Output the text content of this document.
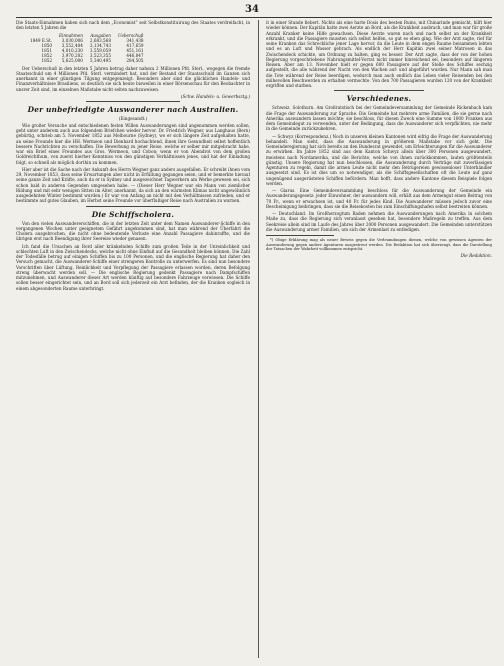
34

Die Staats-Einnahmen haben sich nach dem „Economist“ seit Selbstkonstituirung des Staates verdreifacht, in den letzten 5 Jahren die

	Einnahmen	Ausgaben	Ueberschuß
1849 E.St.	3,030,006	2,683,568	341,438
1850	3,552,404	3,134,743	417,659
1851	4,010,230	3,559,059	451,161
1852	3,970,202	3,523,355	446,847
1852	5,625,000	5,340,495	284,505

Der Ueberschuß in den letzten 5 Jahren betrug daher nahezu 2 Millionen Pfd. Sterl., wogegen die fremde Staatsschuld um 4 Millionen Pfd. Sterl. vermindert hat, und der Bestand der Staatsschuld im Ganzen sich anerkannt in einer günstigen Tilgung entgegenzeigt. Besonders aber sind die glücklichen Handels- und Finanzverhältnisse Brasiliens, so deutlich sie sich heute bisweilen in einer Börsenschau für den Beobachter in unsrer Zeit sind, im einzelnen Maßstabe nicht selten nachzuweisen.

(Schw. Handels- u. Gewerbsztg.)
Der unbefriedigte Auswanderer nach Australien.
(Eingesandt.)

Wie großer Versuche und entschiedenen festen Willen Auswanderungen sind angenommen werden sollen, geht unter anderem auch aus folgendem Briefchen wieder hervor. Dr. Friedrich Wegner, aus Langhaus (Bern) gebürtig, schrieb am 5. November 1852 aus Melbourne (Sydney), wo er sich längere Zeit aufgehalten hatte, an seine Freunde hier die HH. Wermeon und Dienhard hochachtend, ihnen ihre Gesundheit selbst hoffentlich bessere Nachrichten zu verschaffen. Die Bewerbung zu jener Reise, welche er selber mir mitgebracht habe, war ein Brief eines Freundes aus Gros. Wermeon, und Cobon; wenn er von Abendrot von dem großen Goldreichthum, von zuerst hierher Kenntniss von den günstigen Verhältnissen jenes, und hat der Einladung folgt, so schnell als möglich dorthin zu kommen.

Hier aber ist die Sache nach der Ankunft des Herrn Wegner ganz anders ausgefallen. Er schreibt ihnen vom 29. November 1853, dass seine Erwartungen aber nicht in Erfüllung gegangen seien, und er bemerkte hierauf seine ganze Zeit und Kräfte, auch da er in Sydney und ausgezeichnet Tagwerkern am Werke gewesen sei, sich schon bald in anderen Gegenden umgesehen habe. — (Dieser Herr Wegner war ein Mann von ziemlicher Bildung und mit sehr wenigen Sitten im Alter, anerkannt, da sich an den wärmsten Klimas nicht ungewöhnlich ausgedehnten Winter bestimmt wurden.) Er war von Anfang an nicht mit den Verhältnissen zufrieden, und er bestimmte auf gutes Glauben, im Herbst seine Freunde vor überflußiger Reise nach Australien zu warnen.

Die Schiffscholera.

Von den vielen Auswandererschiffen, die in der letzten Zeit unter dem Namen Auswanderer-Schiffe in den vergangenen Wochen unter geeignetem Gefährt angekommen sind, hat man während der Überfahrt die Cholera ausgebrochen, die nicht ohne bedeutende Verluste eine Anzahl Passagiere dahinraffte, und die übrigen erst nach Beendigung ihrer Seereise wieder genasen.

Ich fand die Ursachen an Bord aller kränkelnden Schiffe zum großen Teile in der Unreinlichkeit und schlechten Luft in den Zwischendecks, welche nicht ohne Einfluß auf die Gesundheit bleiben können. Die Zahl der Todesfälle betrug auf einigen Schiffen bis zu 100 Personen, und die englische Regierung hat daher den Versuch gemacht, die Auswanderer-Schiffe einer strengeren Kontrolle zu unterwerfen. Es sind nun besondere Vorschriften über Lüftung, Reinlichkeit und Verpflegung der Passagiere erlassen worden, deren Befolgung streng überwacht werden soll. — Die englische Regierung gedenkt Passagiere nach Dampfschiffen mitzunehmen, und Auswanderer dieser Art werden künftig auf besondere Fahrzeuge verwiesen. Die Schiffe sollen besser eingerichtet sein, und an Bord soll sich jederzeit ein Arzt befinden, der die Kranken sogleich in einem abgesonderten Raume unterbringt.

it in einer Stunde fiebert. Nichts als eine harte Dosis des besten Rums, mit Chinarinde gemischt, hilft hier wieder können. Der Kapitän hatte zwei Aerzte an Bord, als die Krankheit ausbrach, und man war für große Anzahl Kranker keine Hilfe gewachsen. Diese Aerzte waren nach und nach selbst an der Krankheit erkrankt, und die Passagiere mussten sich selbst helfen, so gut es eben ging. Wie der Arzt sagte, rief für seine Kranken das Schreckliche jener Lage hervor, da die Leute in dem engen Raume beisammen lebten und es an Luft und Wasser gebrach. Als endlich der Herr Kapitän zwei seiner Matrosen in das Zwischendeck schickte, um Ordnung zu halten, ging es besser. Der Arzt sagte, dass der von der hohen Regierung vorgeschriebene Nahrungsmittel-Vorrat nicht immer hinreichend sei, besonders auf längeren Reisen. Aber am 13. November hielt er gegen 600 Passagiere auf der Stelle des Schiffes sechzig aufgestellt, die alle während der Nacht von den Wachen auf- und abgeführt wurden. Nur Mann sah man die Tote während der Reise beerdigen, wodurch man auch endlich das Leben vieler Reisenden bei den mühevollen Beschwerden zu erhalten vermochte. Von den 700 Passagieren wurden 120 von der Krankheit ergriffen und starben.

Verschiedenes.

Schweiz. Solothurn. Am Großratstisch bei der Gemeindeversammlung der Gemeinde Rickenbach kam die Frage der Auswanderung zur Sprache. Die Gemeinde hat mehrere arme Familien, die sie gerne nach Amerika auswandern lassen möchte; sie beschloss, für diesen Zweck eine Summe von 1000 Franken aus dem Gemeindegut zu verwenden, unter der Bedingung, dass die Auswanderer sich verpflichten, nie mehr in die Gemeinde zurückzukehren.

— Schwyz (Korrespondenz.) Noch in unseren kleinen Kantonen wird eifrig die Frage der Auswanderung behandelt. Man sieht, dass die Auswanderung in größerem Maßstabe vor sich geht. Die Gemeinderegierung hat sich bereits an den Bundesrat gewendet, um Erleichterungen für die Auswanderer zu erwirken. Im Jahre 1852 sind aus dem Kanton Schwyz allein über 300 Personen ausgewandert, meistens nach Nordamerika, und die Berichte, welche von ihnen zurückkommen, lauten größtenteils günstig. Unsere Regierung hat nun beschlossen, die Auswanderung durch Verträge mit zuverlässigen Agenturen zu regeln, damit die armen Leute nicht mehr den Betrügereien gewissenloser Unterhändler ausgesetzt sind. Es ist dies um so notwendiger, als die Schiffsgesellschaften oft die Leute auf ganz ungenügend ausgerüsteten Schiffen befördern. Man hofft, dass andere Kantone diesem Beispiele folgen werden.

— Glarus. Eine Gemeindeversammlung beschloss für die Auswanderung der Gemeinde ein Auswanderungsgesetz: jeder Einwohner, der auswandern will, erhält aus dem Armengut einen Beitrag von 70 Fr., wenn er erwachsen ist, und 40 Fr. für jedes Kind. Die Auswanderer müssen jedoch zuvor eine Bescheinigung beibringen, dass sie die Reisekosten bis zum Einschiffungshafen selbst bestreiten können.

— Deutschland. Im Großherzogtum Baden nehmen die Auswanderungen nach Amerika in solchem Maße zu, dass die Regierung sich veranlasst gesehen hat, besondere Maßregeln zu treffen. Aus dem Seekreise allein sind im Laufe des Jahres über 2000 Personen ausgewandert. Die Gemeinden unterstützen die Auswanderung armer Familien, um sich der Armenlast zu entledigen.

*) Obige Erklärung mag als neuer Beweis gegen die Verleumdungen dienen, welche von gewissen Agenten der Auswanderung gegen andere Agenturen ausgestreut werden. Die Redaktion hat sich überzeugt, dass die Darstellung der Tatsachen der Wahrheit vollkommen entspricht.

Die Redaktion.
